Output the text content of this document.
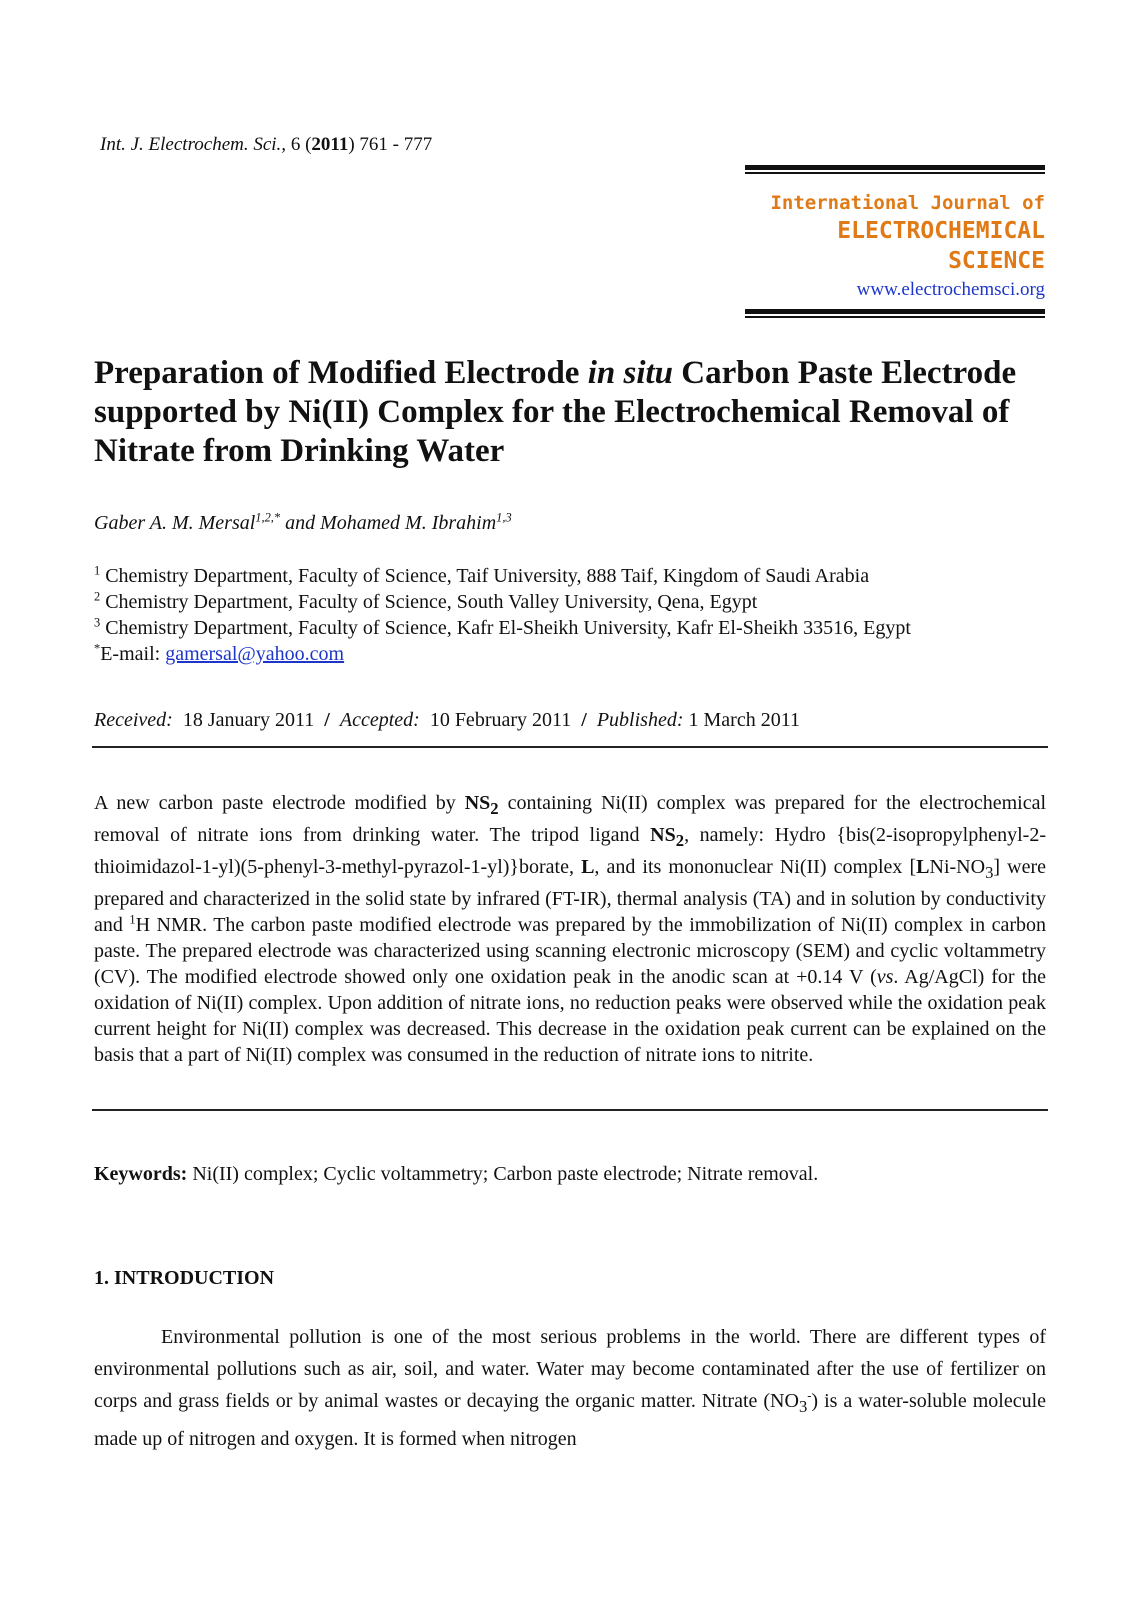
Int. J. Electrochem. Sci., 6 (2011) 761 - 777
International Journal of
ELECTROCHEMICAL
SCIENCE
www.electrochemsci.org
Preparation of Modified Electrode in situ Carbon Paste Electrode supported by Ni(II) Complex for the Electrochemical Removal of Nitrate from Drinking Water
Gaber A. M. Mersal$^{1,2,*}$ and Mohamed M. Ibrahim$^{1,3}$
$^1$ Chemistry Department, Faculty of Science, Taif University, 888 Taif, Kingdom of Saudi Arabia
$^2$ Chemistry Department, Faculty of Science, South Valley University, Qena, Egypt
$^3$ Chemistry Department, Faculty of Science, Kafr El-Sheikh University, Kafr El-Sheikh 33516, Egypt
*E-mail: gamersal@yahoo.com
Received: 18 January 2011 / Accepted: 10 February 2011 / Published: 1 March 2011
A new carbon paste electrode modified by $NS_2$ containing Ni(II) complex was prepared for the electrochemical removal of nitrate ions from drinking water. The tripod ligand $NS_2$, namely: Hydro {bis(2-isopropylphenyl-2-thioimidazol-1-yl)(5-phenyl-3-methyl-pyrazol-1-yl)}borate, L, and its mononuclear Ni(II) complex $[LNi-NO_3]$ were prepared and characterized in the solid state by infrared (FT-IR), thermal analysis (TA) and in solution by conductivity and $^1$H NMR. The carbon paste modified electrode was prepared by the immobilization of Ni(II) complex in carbon paste. The prepared electrode was characterized using scanning electronic microscopy (SEM) and cyclic voltammetry (CV). The modified electrode showed only one oxidation peak in the anodic scan at +0.14 V (vs. Ag/AgCl) for the oxidation of Ni(II) complex. Upon addition of nitrate ions, no reduction peaks were observed while the oxidation peak current height for Ni(II) complex was decreased. This decrease in the oxidation peak current can be explained on the basis that a part of Ni(II) complex was consumed in the reduction of nitrate ions to nitrite.
Keywords: Ni(II) complex; Cyclic voltammetry; Carbon paste electrode; Nitrate removal.
1. INTRODUCTION
Environmental pollution is one of the most serious problems in the world. There are different types of environmental pollutions such as air, soil, and water. Water may become contaminated after the use of fertilizer on corps and grass fields or by animal wastes or decaying the organic matter. Nitrate $(NO_3^-)$ is a water-soluble molecule made up of nitrogen and oxygen. It is formed when nitrogen
